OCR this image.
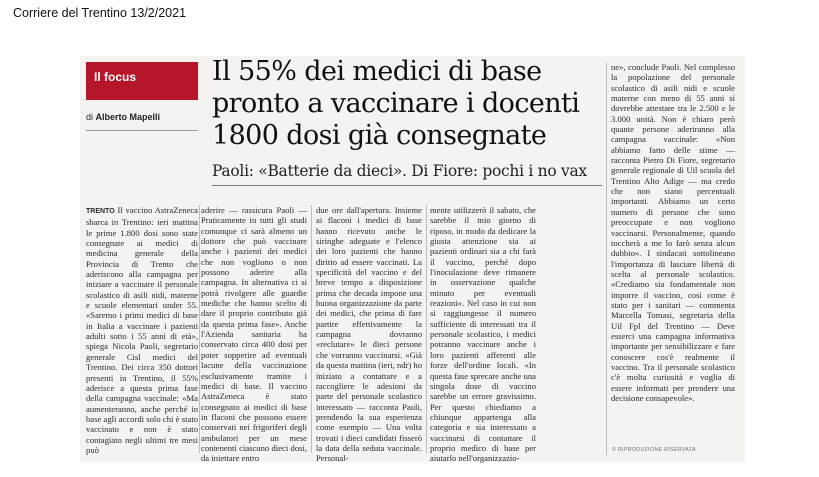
Corriere del Trentino 13/2/2021
Il focus
di Alberto Mapelli
Il 55% dei medici di base
pronto a vaccinare i docenti
1800 dosi già consegnate
Paoli: «Batterie da dieci». Di Fiore: pochi i no vax

TRENTO Il vaccino AstraZeneca sbarca in Trentino: ieri mattina le prime 1.800 dosi sono state consegnate ai medici di medicina generale della Provincia di Trento che aderiscono alla campagna per iniziare a vaccinare il personale scolastico di asili nidi, materne e scuole elementari under 55. «Saremo i primi medici di base in Italia a vaccinare i pazienti adulti sotto i 55 anni di età», spiega Nicola Paoli, segretario generale Cisl medici del Trentino. Dei circa 350 dottori presenti in Trentino, il 55% aderisce a questa prima fase della campagna vaccinale: «Ma aumenteranno, anche perché in base agli accordi solo chi è stato vaccinato e non è stato contagiato negli ultimi tre mesi può

aderire — rassicura Paoli — Praticamente in tutti gli studi comunque ci sarà almeno un dottore che può vaccinare anche i pazienti dei medici che non vogliono o non possono aderire alla campagna. In alternativa ci si potrà rivolgere alle guardie mediche che hanno scelto di dare il proprio contributo già da questa prima fase». Anche l'Azienda sanitaria ha conservato circa 400 dosi per poter sopperire ad eventuali lacune della vaccinazione esclusivamente tramite i medici di base. Il vaccino AstraZeneca è stato consegnato ai medici di base in flaconi che possono essere conservati nei frigoriferi degli ambulatori per un mese contenenti ciascuno dieci dosi, da iniettare entro

due ore dall'apertura. Insieme ai flaconi i medici di base hanno ricevuto anche le siringhe adeguate e l'elenco dei loro pazienti che hanno diritto ad essere vaccinati. La specificità del vaccino e del breve tempo a disposizione prima che decada impone una buona organizzazione da parte dei medici, che prima di fare partire effettivamente la campagna dovranno «reclutare» le dieci persone che vorranno vaccinarsi. «Già da questa mattina (ieri, ndr) ho iniziato a contattare e a raccogliere le adesioni da parte del personale scolastico interessato — racconta Paoli, prendendo la sua esperienza come esempio — Una volta trovati i dieci candidati fisserò la data della seduta vaccinale. Personal-

mente utilizzerò il sabato, che sarebbe il mio giorno di riposo, in modo da dedicare la giusta attenzione sia ai pazienti ordinari sia a chi farà il vaccino, perché dopo l'inoculazione deve rimanere in osservazione qualche minuto per eventuali reazioni». Nel caso in cui non si raggiungesse il numero sufficiente di interessati tra il personale scolastico, i medici potranno vaccinare anche i loro pazienti afferenti alle forze dell'ordine locali. «In questa fase sprecare anche una singola dose di vaccino sarebbe un errore gravissimo. Per questo chiediamo a chiunque appartenga alla categoria e sia interessato a vaccinarsi di contattare il proprio medico di base per aiutarlo nell'organizzazio-

ne», conclude Paoli. Nel complesso la popolazione del personale scolastico di asili nidi e scuole materne con meno di 55 anni si dovrebbe attestare tra le 2.500 e le 3.000 unità. Non è chiaro però quante persone aderiranno alla campagna vaccinale: «Non abbiamo fatto delle stime — racconta Pietro Di Fiore, segretario generale regionale di Uil scuola del Trentino Alto Adige — ma credo che non siano percentuali importanti. Abbiamo un certo numero di persone che sono preoccupate e non vogliono vaccinarsi. Personalmente, quando toccherà a me lo farò senza alcun dubbio». I sindacati sottolineano l'importanza di lasciare libertà di scelta al personale scolastico. «Crediamo sia fondamentale non imporre il vaccino, così come è stato per i sanitari — commenta Marcella Tomasi, segretaria della Uil Fpl del Trentino — Deve esserci una campagna informativa importante per sensibilizzare e fare conoscere cos'è realmente il vaccino. Tra il personale scolastico c'è molta curiosità e voglia di essere informati per prendere una decisione consapevole».

© RIPRODUZIONE RISERVATA
